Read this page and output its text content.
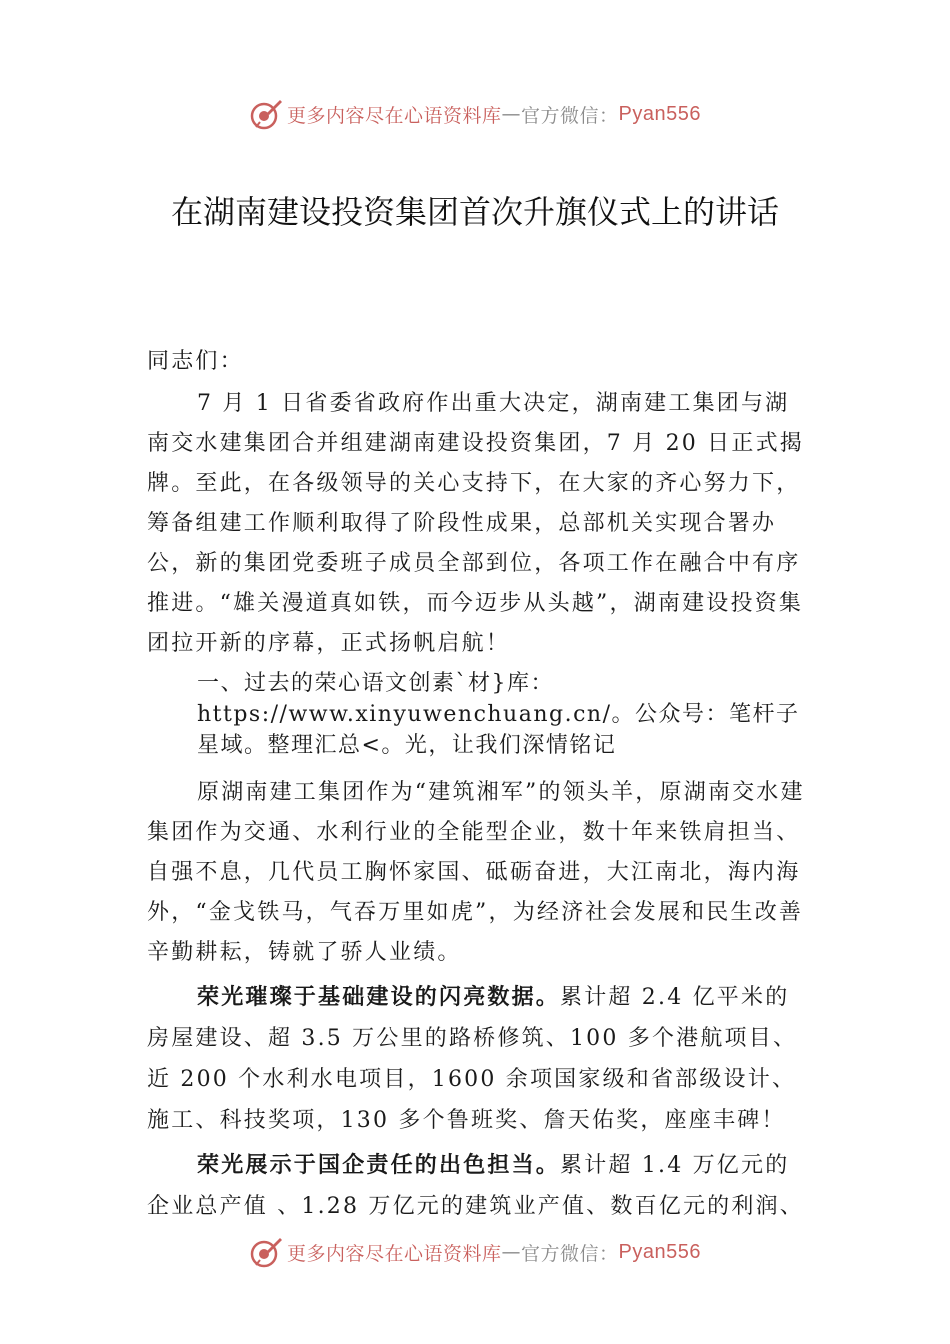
更多内容尽在心语资料库 — 官方微信： Pyan556
在湖南建设投资集团首次升旗仪式上的讲话

同志们：

7 月 1 日省委省政府作出重大决定，湖南建工集团与湖南交水建集团合并组建湖南建设投资集团，7 月 20 日正式揭牌。至此，在各级领导的关心支持下，在大家的齐心努力下， 筹备组建工作顺利取得了阶段性成果，总部机关实现合署办公，新的集团党委班子成员全部到位，各项工作在融合中有序推进。“雄关漫道真如铁，而今迈步从头越”，湖南建设投资集团拉开新的序幕，正式扬帆启航！

一、过去的荣心语文创素`材}库：https://www.xinyuwenchuang.cn/。公众号：笔杆子星域。整理汇总<。光，让我们深情铭记

原湖南建工集团作为“建筑湘军”的领头羊，原湖南交水建集团作为交通、水利行业的全能型企业，数十年来铁肩担当、自强不息，几代员工胸怀家国、砥砺奋进，大江南北，海内海外，“金戈铁马，气吞万里如虎”，为经济社会发展和民生改善辛勤耕耘，铸就了骄人业绩。

荣光璀璨于基础建设的闪亮数据。累计超 2.4 亿平米的房屋建设、超 3.5 万公里的路桥修筑、100 多个港航项目、近 200 个水利水电项目，1600 余项国家级和省部级设计、施工、科技奖项，130 多个鲁班奖、詹天佑奖，座座丰碑！

荣光展示于国企责任的出色担当。累计超 1.4 万亿元的企业总产值 、1.28 万亿元的建筑业产值、数百亿元的利润、

更多内容尽在心语资料库 — 官方微信： Pyan556
